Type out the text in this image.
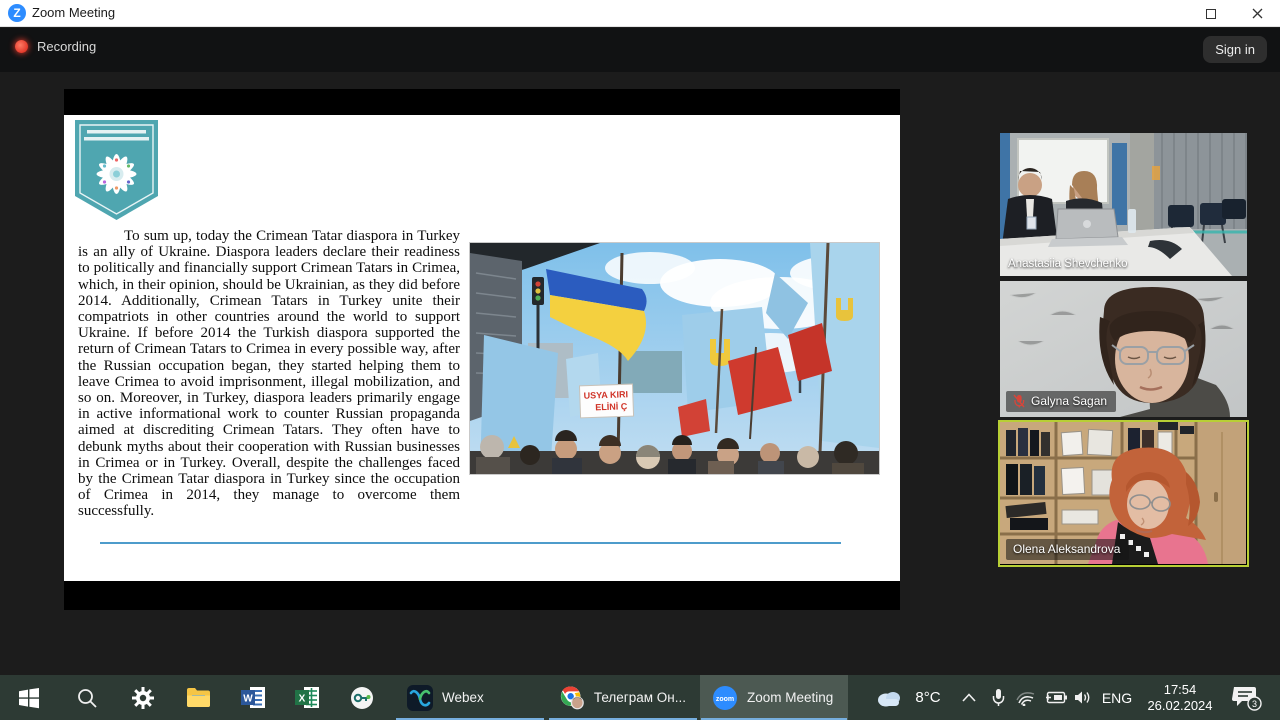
Z Zoom Meeting
Recording	Sign in
To sum up, today the Crimean Tatar diaspora in Turkey is an ally of Ukraine. Diaspora leaders declare their readiness to politically and financially support Crimean Tatars in Crimea, which, in their opinion, should be Ukrainian, as they did before 2014. Additionally, Crimean Tatars in Turkey unite their compatriots in other countries around the world to support Ukraine. If before 2014 the Turkish diaspora supported the return of Crimean Tatars to Crimea in every possible way, after the Russian occupation began, they started helping them to leave Crimea to avoid imprisonment, illegal mobilization, and so on. Moreover, in Turkey, diaspora leaders primarily engage in active informational work to counter Russian propaganda aimed at discrediting Crimean Tatars. They often have to debunk myths about their cooperation with Russian businesses in Crimea or in Turkey. Overall, despite the challenges faced by the Crimean Tatar diaspora in Turkey since the occupation of Crimea in 2014, they manage to overcome them successfully.
USYA KIRI
ELİNİ Ç
Anastasiia Shevchenko
Galyna Sagan
Olena Aleksandrova
W	X	Webex	Телеграм Он...	zoom Zoom Meeting	8°C	ENG
17:54
26.02.2024	3
